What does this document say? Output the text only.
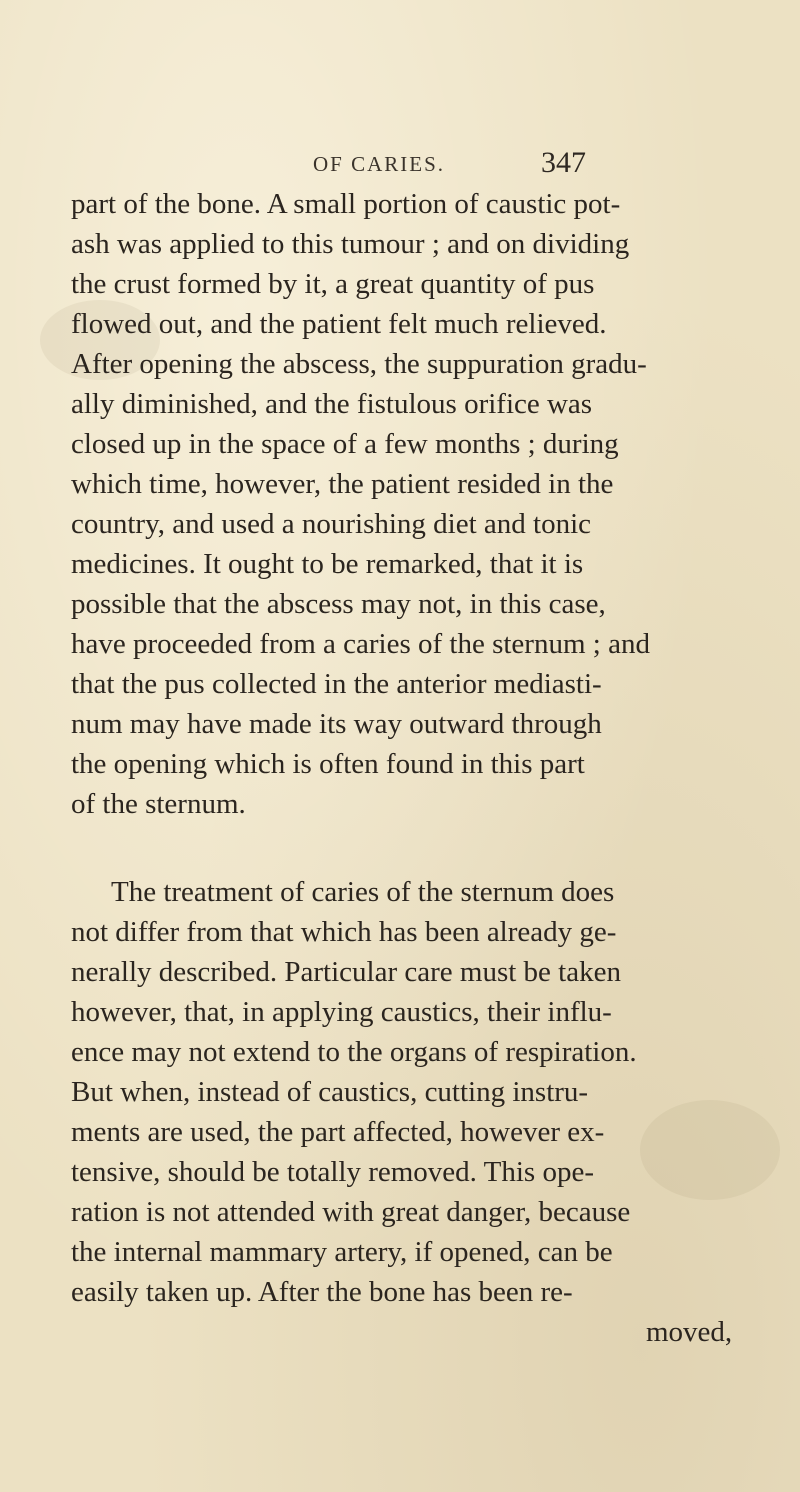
OF CARIES.	347
part of the bone. A small portion of caustic pot-
ash was applied to this tumour ; and on dividing
the crust formed by it, a great quantity of pus
flowed out, and the patient felt much relieved.
After opening the abscess, the suppuration gradu-
ally diminished, and the fistulous orifice was
closed up in the space of a few months ; during
which time, however, the patient resided in the
country, and used a nourishing diet and tonic
medicines. It ought to be remarked, that it is
possible that the abscess may not, in this case,
have proceeded from a caries of the sternum ; and
that the pus collected in the anterior mediasti-
num may have made its way outward through
the opening which is often found in this part
of the sternum.
The treatment of caries of the sternum does
not differ from that which has been already ge-
nerally described. Particular care must be taken
however, that, in applying caustics, their influ-
ence may not extend to the organs of respiration.
But when, instead of caustics, cutting instru-
ments are used, the part affected, however ex-
tensive, should be totally removed. This ope-
ration is not attended with great danger, because
the internal mammary artery, if opened, can be
easily taken up. After the bone has been re-
moved,
